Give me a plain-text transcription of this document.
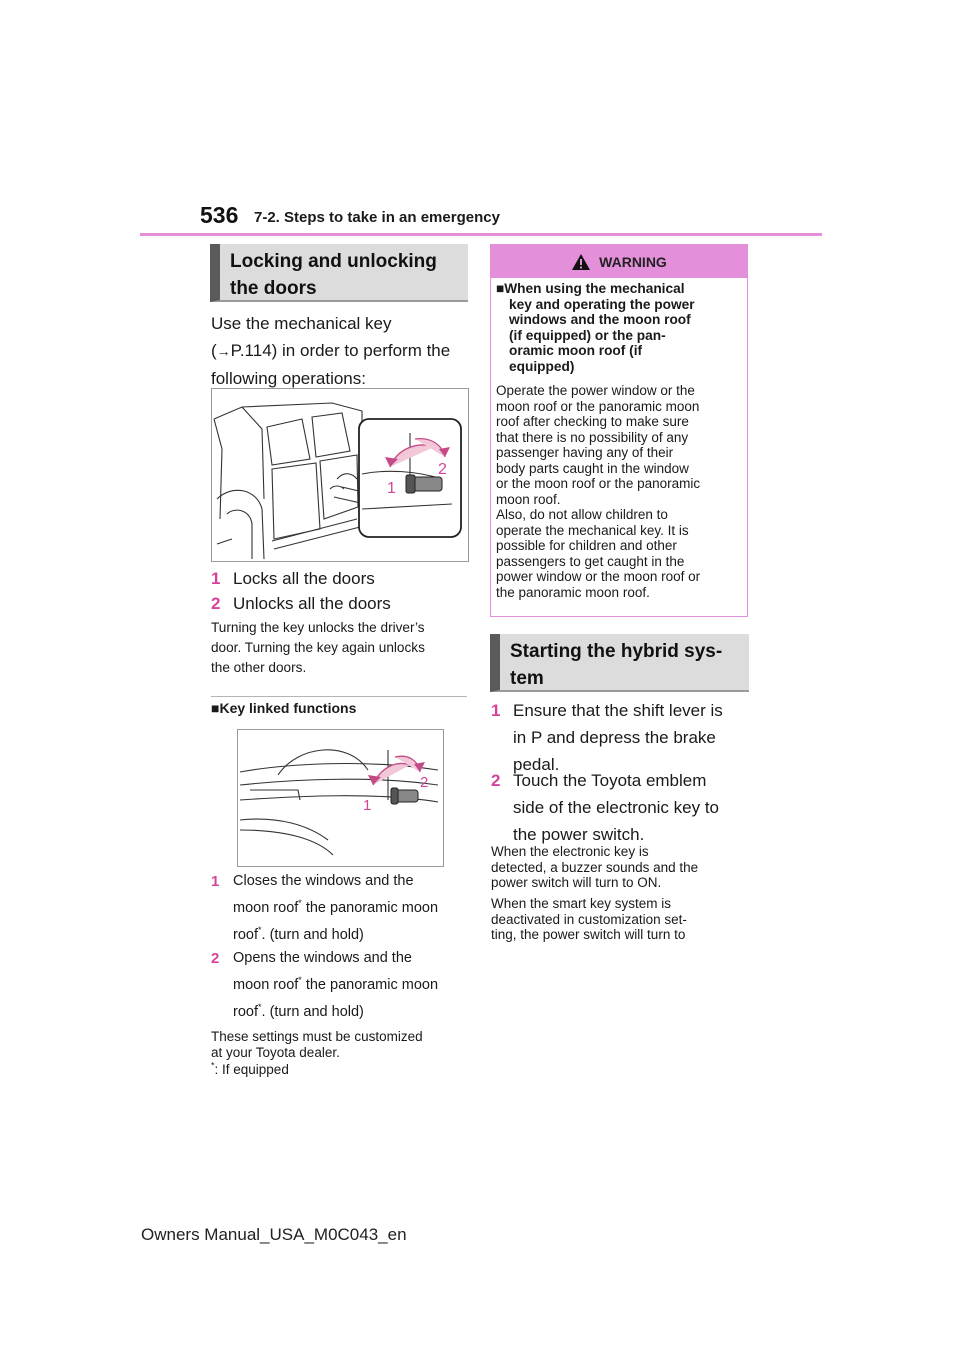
536 7-2. Steps to take in an emergency
Locking and unlocking
the doors
Use the mechanical key
(→P.114) in order to perform the
following operations:
1
2
1 Locks all the doors
2 Unlocks all the doors
Turning the key unlocks the driver’s
door. Turning the key again unlocks
the other doors.
■Key linked functions
1
2
1 Closes the windows and the
moon roof* the panoramic moon
roof*. (turn and hold)
2 Opens the windows and the
moon roof* the panoramic moon
roof*. (turn and hold)
These settings must be customized
at your Toyota dealer.
*: If equipped
WARNING
■When using the mechanical
key and operating the power
windows and the moon roof
(if equipped) or the pan-
oramic moon roof (if
equipped)
Operate the power window or the
moon roof or the panoramic moon
roof after checking to make sure
that there is no possibility of any
passenger having any of their
body parts caught in the window
or the moon roof or the panoramic
moon roof.
Also, do not allow children to
operate the mechanical key. It is
possible for children and other
passengers to get caught in the
power window or the moon roof or
the panoramic moon roof.
Starting the hybrid sys-
tem
1 Ensure that the shift lever is
in P and depress the brake
pedal.
2 Touch the Toyota emblem
side of the electronic key to
the power switch.
When the electronic key is
detected, a buzzer sounds and the
power switch will turn to ON.
When the smart key system is
deactivated in customization set-
ting, the power switch will turn to
Owners Manual_USA_M0C043_en
